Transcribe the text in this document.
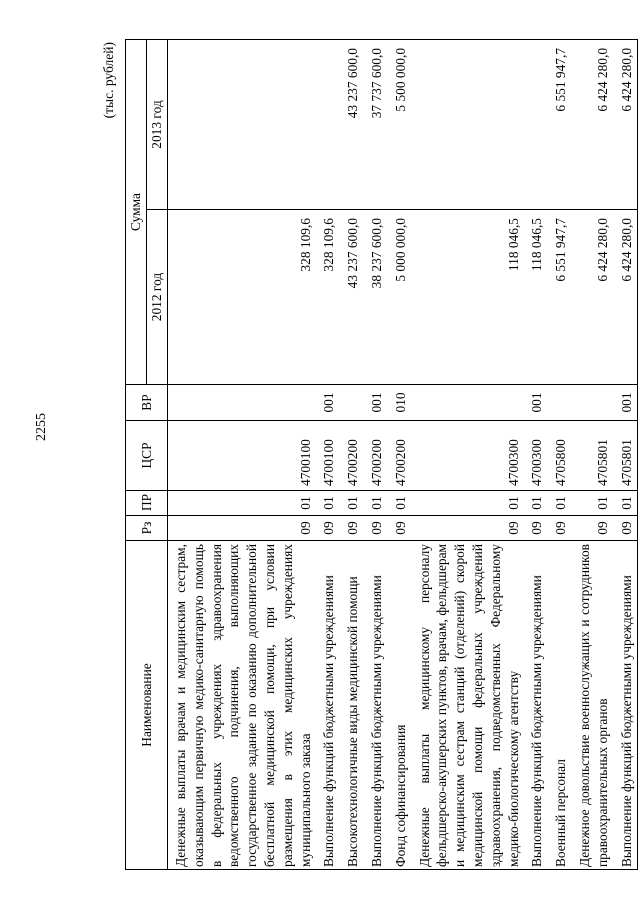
2255
(тыс. рублей)
Наименование	Рз	ПР	ЦСР	ВР	Сумма	
					2012 год	2013 год
Денежные выплаты врачам и медицинским сестрам, оказывающим первичную медико-санитарную помощь в федеральных учреждениях здравоохранения ведомственного подчинения, выполняющих государственное задание по оказанию дополнительной бесплатной медицинской помощи, при условии размещения в этих медицинских учреждениях муниципального заказа	09	01	4700100		328 109,6	
Выполнение функций бюджетными учреждениями	09	01	4700100	001	328 109,6	
Высокотехнологичные виды медицинской помощи	09	01	4700200		43 237 600,0	43 237 600,0
Выполнение функций бюджетными учреждениями	09	01	4700200	001	38 237 600,0	37 737 600,0
Фонд софинансирования	09	01	4700200	010	5 000 000,0	5 500 000,0
Денежные выплаты медицинскому персоналу фельдшерско-акушерских пунктов, врачам, фельдшерам и медицинским сестрам станций (отделений) скорой медицинской помощи федеральных учреждений здравоохранения, подведомственных Федеральному медико-биологическому агентству	09	01	4700300		118 046,5	
Выполнение функций бюджетными учреждениями	09	01	4700300	001	118 046,5	
Военный персонал	09	01	4705800		6 551 947,7	6 551 947,7
Денежное довольствие военнослужащих и сотрудников правоохранительных органов	09	01	4705801		6 424 280,0	6 424 280,0
Выполнение функций бюджетными учреждениями	09	01	4705801	001	6 424 280,0	6 424 280,0
